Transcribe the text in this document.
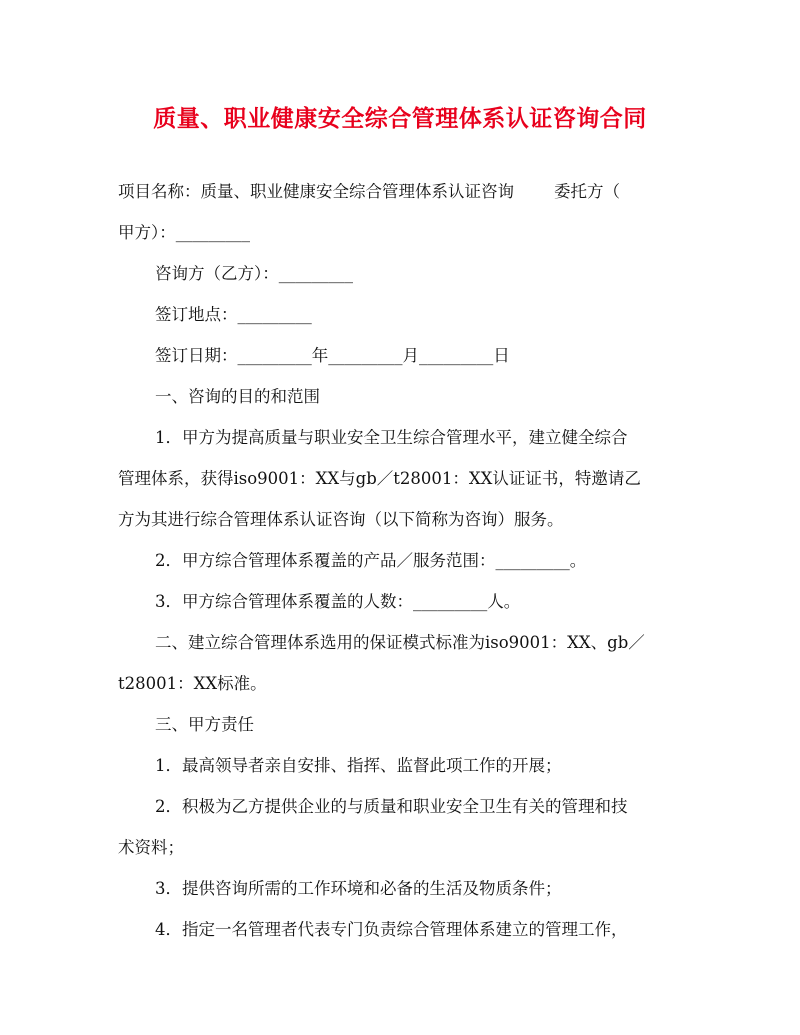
质量、职业健康安全综合管理体系认证咨询合同
项目名称：质量、职业健康安全综合管理体系认证咨询 委托方（
甲方）：_________
咨询方（乙方）：_________
签订地点：_________
签订日期：_________年_________月_________日
一、咨询的目的和范围
1．甲方为提高质量与职业安全卫生综合管理水平，建立健全综合
管理体系，获得iso9001：XX与gb／t28001：XX认证证书，特邀请乙
方为其进行综合管理体系认证咨询（以下简称为咨询）服务。
2．甲方综合管理体系覆盖的产品／服务范围：_________。
3．甲方综合管理体系覆盖的人数：_________人。
二、建立综合管理体系选用的保证模式标准为iso9001：XX、gb／
t28001：XX标准。
三、甲方责任
1．最高领导者亲自安排、指挥、监督此项工作的开展；
2．积极为乙方提供企业的与质量和职业安全卫生有关的管理和技
术资料；
3．提供咨询所需的工作环境和必备的生活及物质条件；
4．指定一名管理者代表专门负责综合管理体系建立的管理工作，
